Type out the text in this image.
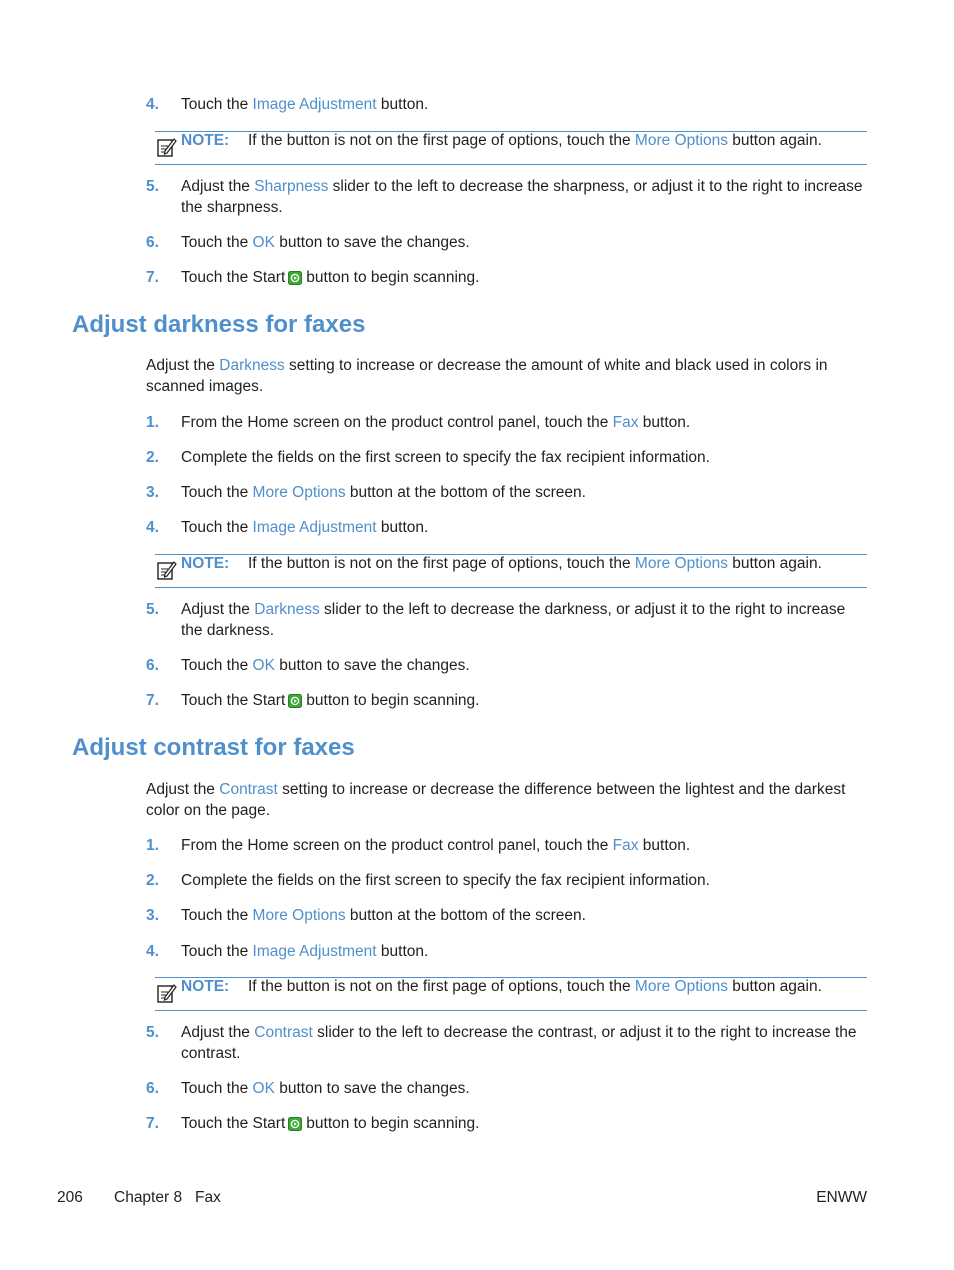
4.	Touch the Image Adjustment button.
NOTE: If the button is not on the first page of options, touch the More Options button again.
5.	Adjust the Sharpness slider to the left to decrease the sharpness, or adjust it to the right to increase the sharpness.
6.	Touch the OK button to save the changes.
7.	Touch the Start button to begin scanning.
Adjust darkness for faxes

Adjust the Darkness setting to increase or decrease the amount of white and black used in colors in scanned images.

1.	From the Home screen on the product control panel, touch the Fax button.
2.	Complete the fields on the first screen to specify the fax recipient information.
3.	Touch the More Options button at the bottom of the screen.
4.	Touch the Image Adjustment button.
NOTE: If the button is not on the first page of options, touch the More Options button again.
5.	Adjust the Darkness slider to the left to decrease the darkness, or adjust it to the right to increase the darkness.
6.	Touch the OK button to save the changes.
7.	Touch the Start button to begin scanning.
Adjust contrast for faxes

Adjust the Contrast setting to increase or decrease the difference between the lightest and the darkest color on the page.

1.	From the Home screen on the product control panel, touch the Fax button.
2.	Complete the fields on the first screen to specify the fax recipient information.
3.	Touch the More Options button at the bottom of the screen.
4.	Touch the Image Adjustment button.
NOTE: If the button is not on the first page of options, touch the More Options button again.
5.	Adjust the Contrast slider to the left to decrease the contrast, or adjust it to the right to increase the contrast.
6.	Touch the OK button to save the changes.
7.	Touch the Start button to begin scanning.
206 Chapter 8   Fax	ENWW
